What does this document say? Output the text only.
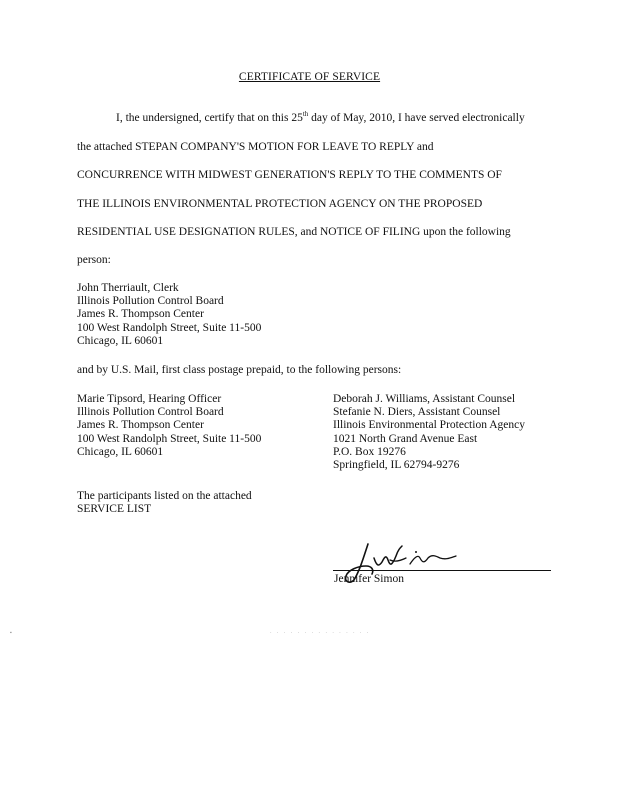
CERTIFICATE OF SERVICE
I, the undersigned, certify that on this 25th day of May, 2010, I have served electronically
the attached STEPAN COMPANY'S MOTION FOR LEAVE TO REPLY and
CONCURRENCE WITH MIDWEST GENERATION'S REPLY TO THE COMMENTS OF
THE ILLINOIS ENVIRONMENTAL PROTECTION AGENCY ON THE PROPOSED
RESIDENTIAL USE DESIGNATION RULES, and NOTICE OF FILING upon the following
person:
John Therriault, Clerk
Illinois Pollution Control Board
James R. Thompson Center
100 West Randolph Street, Suite 11-500
Chicago, IL 60601
and by U.S. Mail, first class postage prepaid, to the following persons:
Marie Tipsord, Hearing Officer
Illinois Pollution Control Board
James R. Thompson Center
100 West Randolph Street, Suite 11-500
Chicago, IL 60601
Deborah J. Williams, Assistant Counsel
Stefanie N. Diers, Assistant Counsel
Illinois Environmental Protection Agency
1021 North Grand Avenue East
P.O. Box 19276
Springfield, IL 62794-9276
The participants listed on the attached
SERVICE LIST
Jennifer Simon
▪	· · · · · · · · · · · · · · ·
